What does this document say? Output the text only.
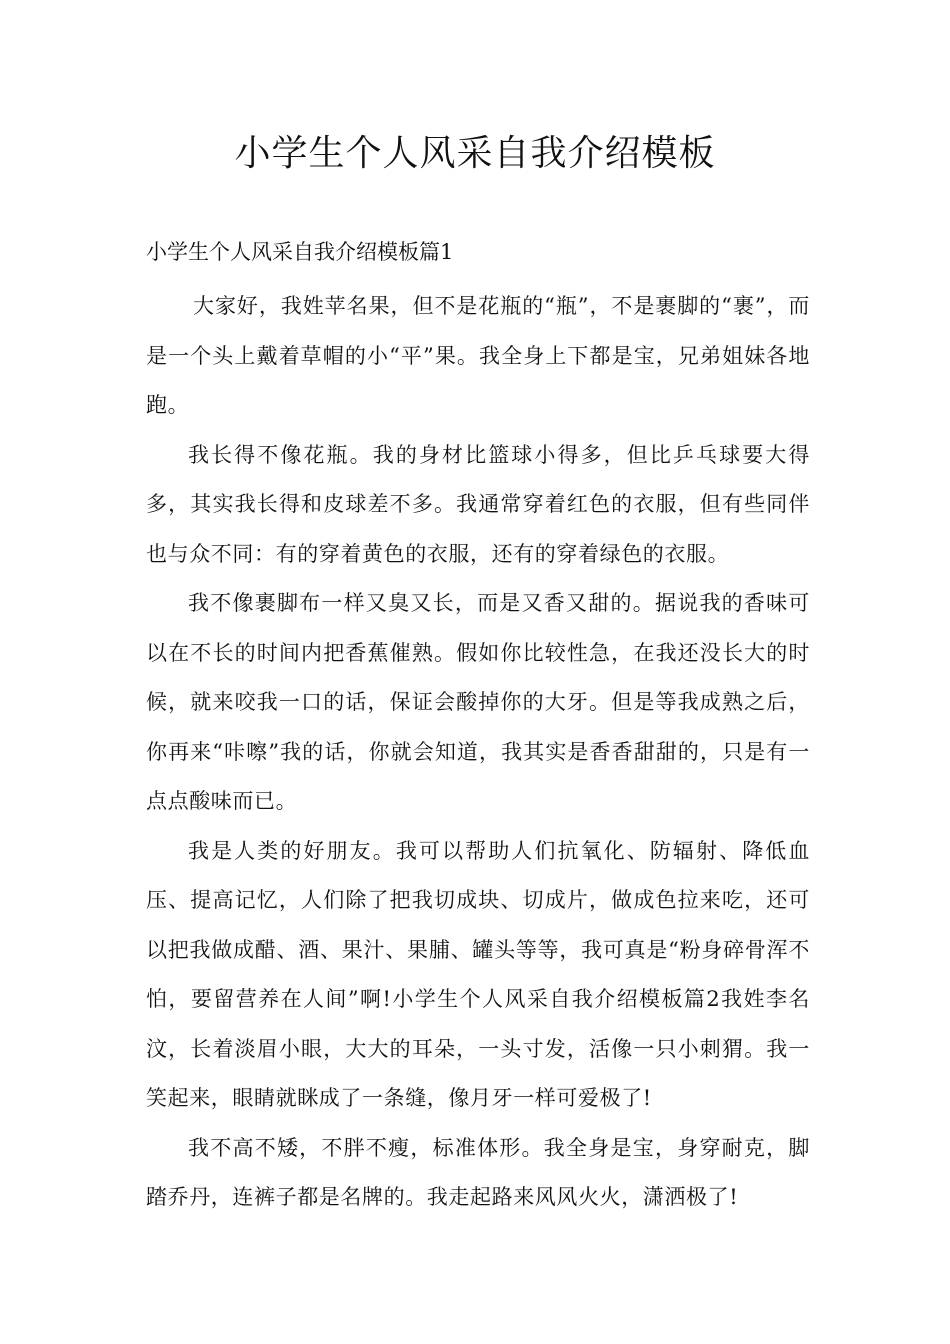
小学生个人风采自我介绍模板
小学生个人风采自我介绍模板篇1

大家好，我姓苹名果，但不是花瓶的“瓶”，不是裹脚的“裹”，而是一个头上戴着草帽的小“平”果。我全身上下都是宝，兄弟姐妹各地跑。

我长得不像花瓶。我的身材比篮球小得多，但比乒乓球要大得多，其实我长得和皮球差不多。我通常穿着红色的衣服，但有些同伴也与众不同：有的穿着黄色的衣服，还有的穿着绿色的衣服。

我不像裹脚布一样又臭又长，而是又香又甜的。据说我的香味可以在不长的时间内把香蕉催熟。假如你比较性急，在我还没长大的时候，就来咬我一口的话，保证会酸掉你的大牙。但是等我成熟之后，你再来“咔嚓”我的话，你就会知道，我其实是香香甜甜的，只是有一点点酸味而已。

我是人类的好朋友。我可以帮助人们抗氧化、防辐射、降低血压、提高记忆，人们除了把我切成块、切成片，做成色拉来吃，还可以把我做成醋、酒、果汁、果脯、罐头等等，我可真是“粉身碎骨浑不怕，要留营养在人间”啊!小学生个人风采自我介绍模板篇2我姓李名汶，长着淡眉小眼，大大的耳朵，一头寸发，活像一只小刺猬。我一笑起来，眼睛就眯成了一条缝，像月牙一样可爱极了!

我不高不矮，不胖不瘦，标准体形。我全身是宝，身穿耐克，脚踏乔丹，连裤子都是名牌的。我走起路来风风火火，潇洒极了!
